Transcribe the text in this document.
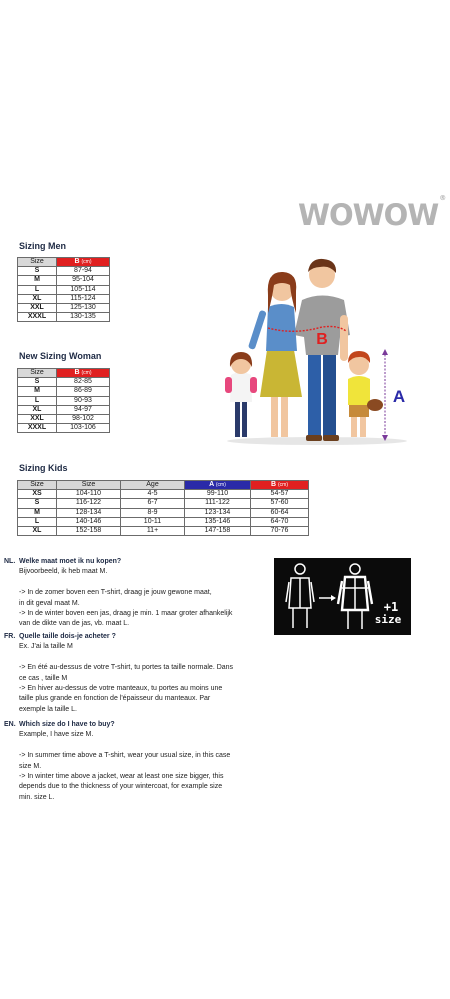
WOWOW®
Sizing Men
Size	B (cm)
S	87-94
M	95-104
L	105-114
XL	115-124
XXL	125-130
XXXL	130-135
New Sizing Woman
Size	B (cm)
S	82-85
M	86-89
L	90-93
XL	94-97
XXL	98-102
XXXL	103-106
B
A
Sizing Kids
Size	Size	Age	A (cm)	B (cm)
XS	104-110	4-5	99-110	54-57
S	116-122	6-7	111-122	57-60
M	128-134	8-9	123-134	60-64
L	140-146	10-11	135-146	64-70
XL	152-158	11+	147-158	70-76
+1
size
NL. Welke maat moet ik nu kopen?
Bijvoorbeeld, ik heb maat M.
-> In de zomer boven een T-shirt, draag je jouw gewone maat,
in dit geval maat M.
-> In de winter boven een jas, draag je min. 1 maar groter afhankelijk
van de dikte van de jas, vb. maat L.
FR. Quelle taille dois-je acheter ?
Ex. J'ai la taille M
-> En été au-dessus de votre T-shirt, tu portes ta taille normale. Dans
ce cas , taille M
-> En hiver au-dessus de votre manteaux, tu portes au moins une
taille plus grande en fonction de l'épaisseur du manteaux. Par
exemple la taille L.
EN. Which size do I have to buy?
Example, I have size M.
-> In summer time above a T-shirt, wear your usual size, in this case
size M.
-> In winter time above a jacket, wear at least one size bigger, this
depends due to the thickness of your wintercoat, for example size
min. size L.
